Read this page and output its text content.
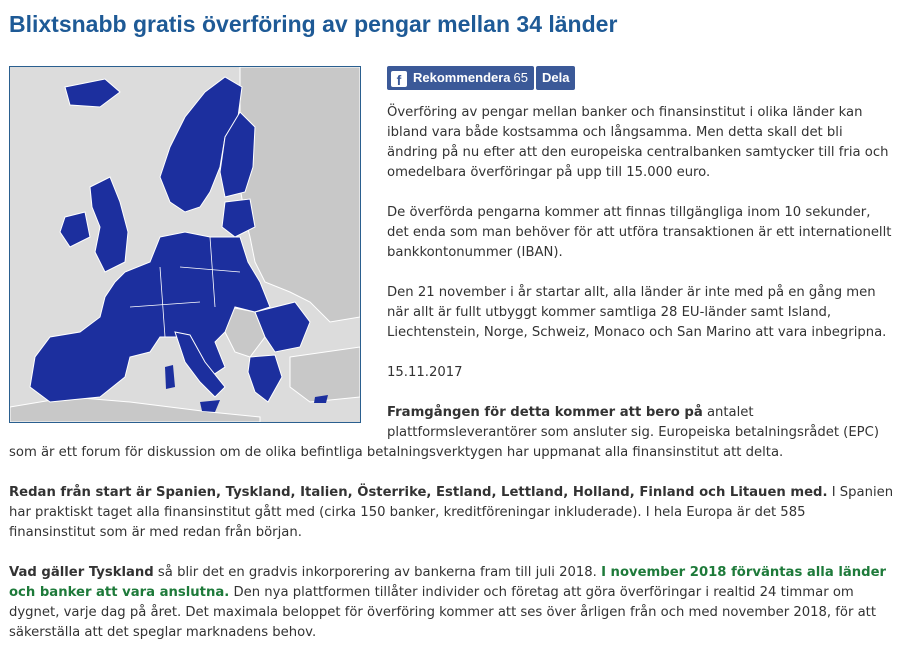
Blixtsnabb gratis överföring av pengar mellan 34 länder
f Rekommendera 65 Dela

Överföring av pengar mellan banker och finansinstitut i olika länder kan ibland vara både kostsamma och långsamma. Men detta skall det bli ändring på nu efter att den europeiska centralbanken samtycker till fria och omedelbara överföringar på upp till 15.000 euro.

De överförda pengarna kommer att finnas tillgängliga inom 10 sekunder, det enda som man behöver för att utföra transaktionen är ett internationellt bankkontonummer (IBAN).

Den 21 november i år startar allt, alla länder är inte med på en gång men när allt är fullt utbyggt kommer samtliga 28 EU-länder samt Island, Liechtenstein, Norge, Schweiz, Monaco och San Marino att vara inbegripna.

15.11.2017

Framgången för detta kommer att bero på antalet plattformsleverantörer som ansluter sig. Europeiska betalningsrådet (EPC) som är ett forum för diskussion om de olika befintliga betalningsverktygen har uppmanat alla finansinstitut att delta.

Redan från start är Spanien, Tyskland, Italien, Österrike, Estland, Lettland, Holland, Finland och Litauen med. I Spanien har praktiskt taget alla finansinstitut gått med (cirka 150 banker, kreditföreningar inkluderade). I hela Europa är det 585 finansinstitut som är med redan från början.

Vad gäller Tyskland så blir det en gradvis inkorporering av bankerna fram till juli 2018. I november 2018 förväntas alla länder och banker att vara anslutna. Den nya plattformen tillåter individer och företag att göra överföringar i realtid 24 timmar om dygnet, varje dag på året. Det maximala beloppet för överföring kommer att ses över årligen från och med november 2018, för att säkerställa att det speglar marknadens behov.
